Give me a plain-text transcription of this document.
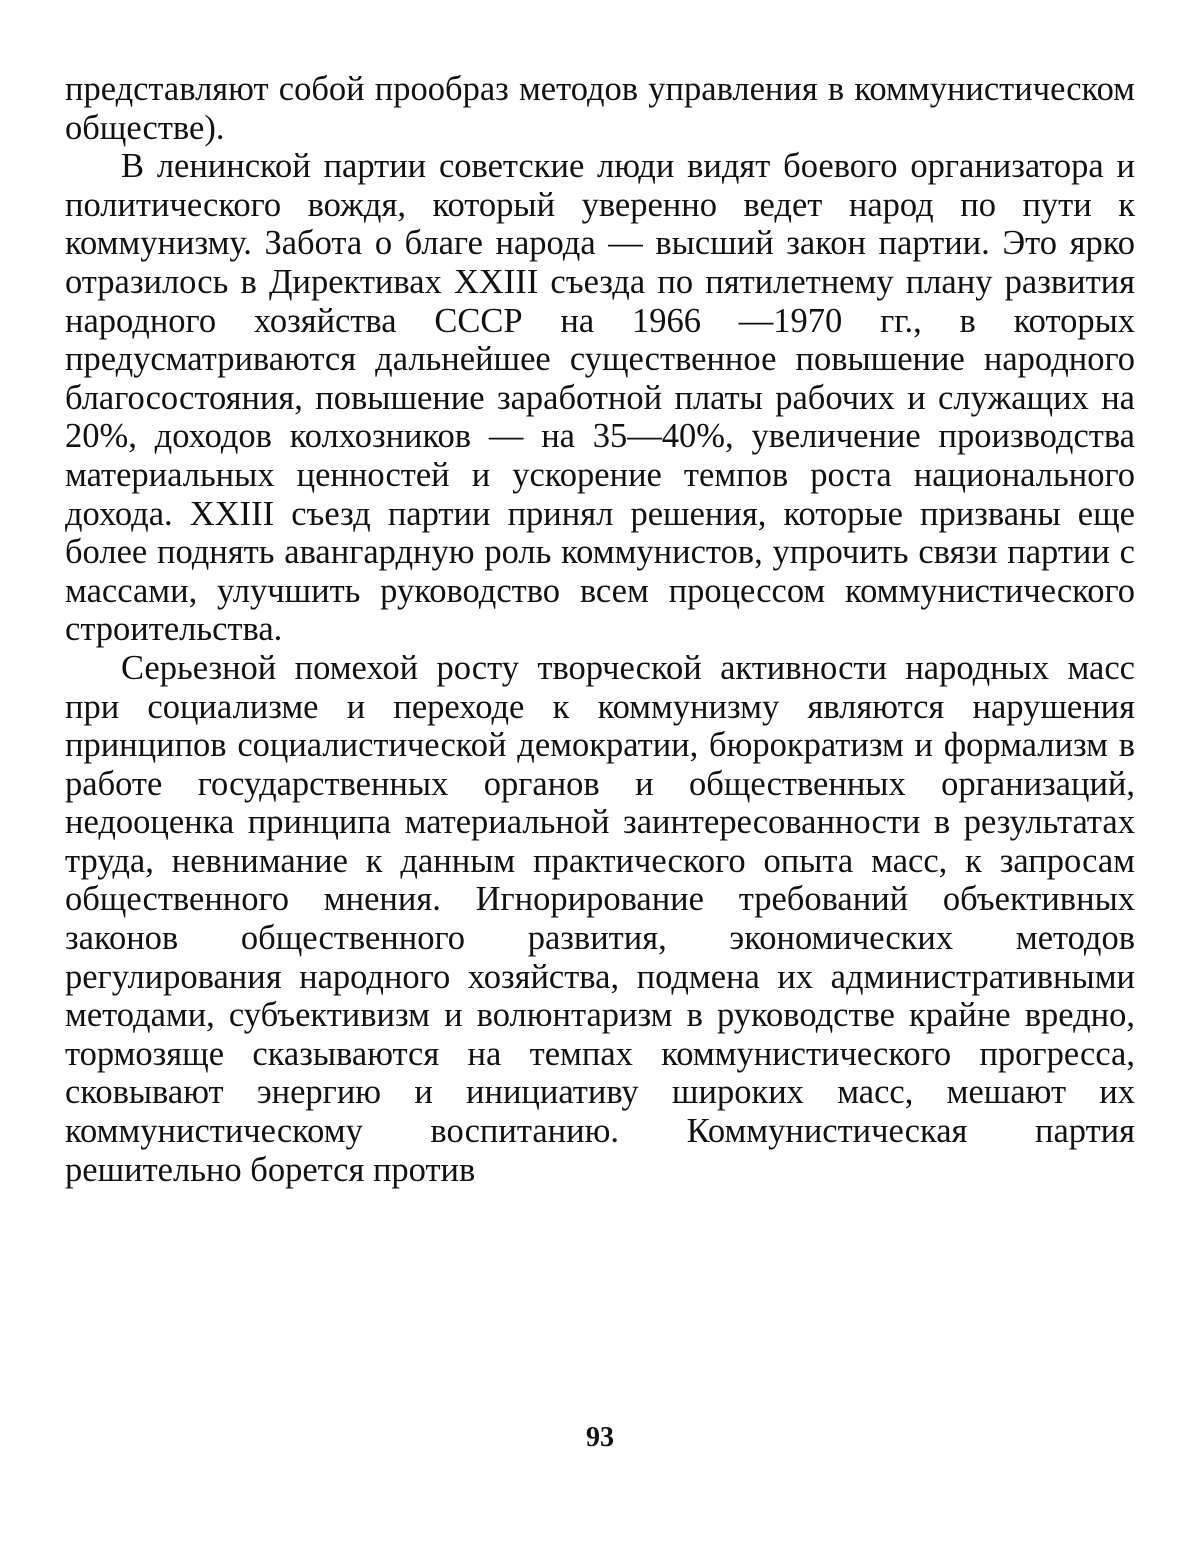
представляют собой прообраз методов управления в коммунистическом обществе).

В ленинской партии советские люди видят боевого организатора и политического вождя, который уверенно ведет народ по пути к коммунизму. Забота о благе народа — высший закон партии. Это ярко отразилось в Директивах XXIII съезда по пятилетнему плану развития народного хозяйства СССР на 1966 —1970 гг., в которых предусматриваются дальнейшее существенное повышение народного благосостояния, повышение заработной платы рабочих и служащих на 20%, доходов колхозников — на 35—40%, увеличение производства материальных ценностей и ускорение темпов роста национального дохода. XXIII съезд партии принял решения, которые призваны еще более поднять авангардную роль коммунистов, упрочить связи партии с массами, улучшить руководство всем процессом коммунистического строительства.

Серьезной помехой росту творческой активности народных масс при социализме и переходе к коммунизму являются нарушения принципов социалистической демократии, бюрократизм и формализм в работе государственных органов и общественных организаций, недооценка принципа материальной заинтересованности в результатах труда, невнимание к данным практического опыта масс, к запросам общественного мнения. Игнорирование требований объективных законов общественного развития, экономических методов регулирования народного хозяйства, подмена их административными методами, субъективизм и волюнтаризм в руководстве крайне вредно, тормозяще сказываются на темпах коммунистического прогресса, сковывают энергию и инициативу широких масс, мешают их коммунистическому воспитанию. Коммунистическая партия решительно борется против

93
